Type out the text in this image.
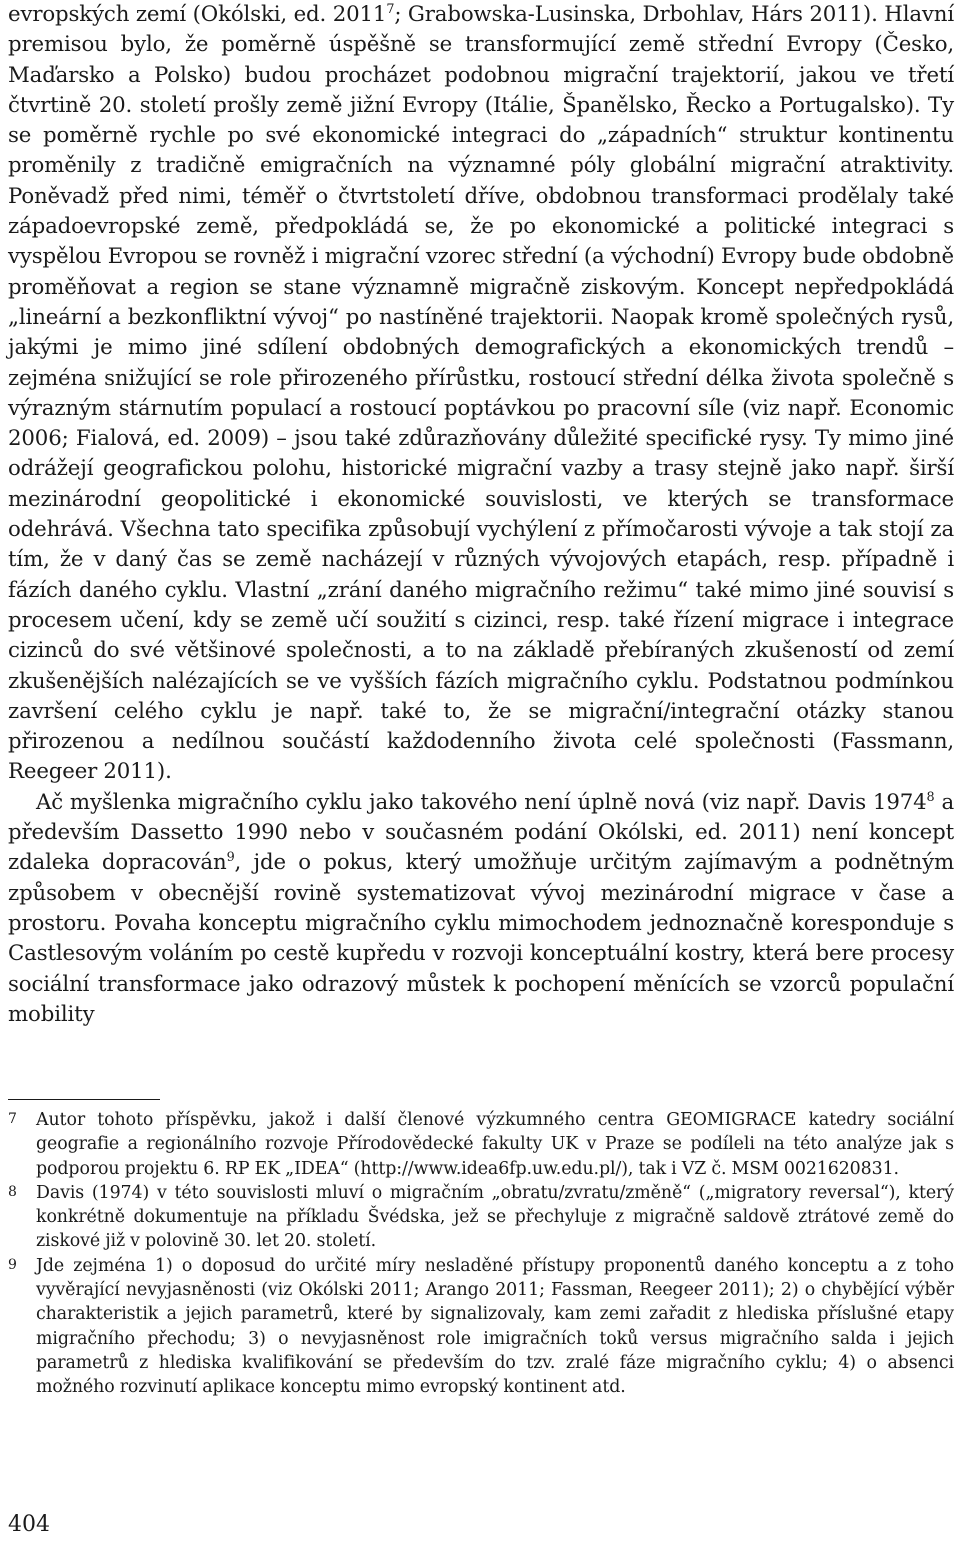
evropských zemí (Okólski, ed. 2011$^7$; Grabowska-Lusinska, Drbohlav, Hárs 2011). Hlavní premisou bylo, že poměrně úspěšně se transformující země střední Evropy (Česko, Maďarsko a Polsko) budou procházet podobnou migrační trajektorií, jakou ve třetí čtvrtině 20. století prošly země jižní Evropy (Itálie, Španělsko, Řecko a Portugalsko). Ty se poměrně rychle po své ekonomické integraci do „západních“ struktur kontinentu proměnily z tradičně emigračních na významné póly globální migrační atraktivity. Poněvadž před nimi, téměř o čtvrtstoletí dříve, obdobnou transformaci prodělaly také západoevropské země, předpokládá se, že po ekonomické a politické integraci s vyspělou Evropou se rovněž i migrační vzorec střední (a východní) Evropy bude obdobně proměňovat a region se stane významně migračně ziskovým. Koncept nepředpokládá „lineární a bezkonfliktní vývoj“ po nastíněné trajektorii. Naopak kromě společných rysů, jakými je mimo jiné sdílení obdobných demografických a ekonomických trendů – zejména snižující se role přirozeného přírůstku, rostoucí střední délka života společně s výrazným stárnutím populací a rostoucí poptávkou po pracovní síle (viz např. Economic 2006; Fialová, ed. 2009) – jsou také zdůrazňovány důležité specifické rysy. Ty mimo jiné odrážejí geografickou polohu, historické migrační vazby a trasy stejně jako např. širší mezinárodní geopolitické i ekonomické souvislosti, ve kterých se transformace odehrává. Všechna tato specifika způsobují vychýlení z přímočarosti vývoje a tak stojí za tím, že v daný čas se země nacházejí v různých vývojových etapách, resp. případně i fázích daného cyklu. Vlastní „zrání daného migračního režimu“ také mimo jiné souvisí s procesem učení, kdy se země učí soužití s cizinci, resp. také řízení migrace i integrace cizinců do své většinové společnosti, a to na základě přebíraných zkušeností od zemí zkušenějších nalézajících se ve vyšších fázích migračního cyklu. Podstatnou podmínkou završení celého cyklu je např. také to, že se migrační/integrační otázky stanou přirozenou a nedílnou součástí každodenního života celé společnosti (Fassmann, Reegeer 2011).

Ač myšlenka migračního cyklu jako takového není úplně nová (viz např. Davis 1974$^8$ a především Dassetto 1990 nebo v současném podání Okólski, ed. 2011) není koncept zdaleka dopracován$^9$, jde o pokus, který umožňuje určitým zajímavým a podnětným způsobem v obecnější rovině systematizovat vývoj mezinárodní migrace v čase a prostoru. Povaha konceptu migračního cyklu mimochodem jednoznačně koresponduje s Castlesovým voláním po cestě kupředu v rozvoji konceptuální kostry, která bere procesy sociální transformace jako odrazový můstek k pochopení měnících se vzorců populační mobility

7	Autor tohoto příspěvku, jakož i další členové výzkumného centra GEOMIGRACE katedry sociální geografie a regionálního rozvoje Přírodovědecké fakulty UK v Praze se podíleli na této analýze jak s podporou projektu 6. RP EK „IDEA“ (http://www.idea6fp.uw.edu.pl/), tak i VZ č. MSM 0021620831.
8	Davis (1974) v této souvislosti mluví o migračním „obratu/zvratu/změně“ („migratory reversal“), který konkrétně dokumentuje na příkladu Švédska, jež se přechyluje z migračně saldově ztrátové země do ziskové již v polovině 30. let 20. století.
9	Jde zejména 1) o doposud do určité míry nesladěné přístupy proponentů daného konceptu a z toho vyvěrající nevyjasněnosti (viz Okólski 2011; Arango 2011; Fassman, Reegeer 2011); 2) o chybějící výběr charakteristik a jejich parametrů, které by signalizovaly, kam zemi zařadit z hlediska příslušné etapy migračního přechodu; 3) o nevyjasněnost role imigračních toků versus migračního salda i jejich parametrů z hlediska kvalifikování se především do tzv. zralé fáze migračního cyklu; 4) o absenci možného rozvinutí aplikace konceptu mimo evropský kontinent atd.
404
